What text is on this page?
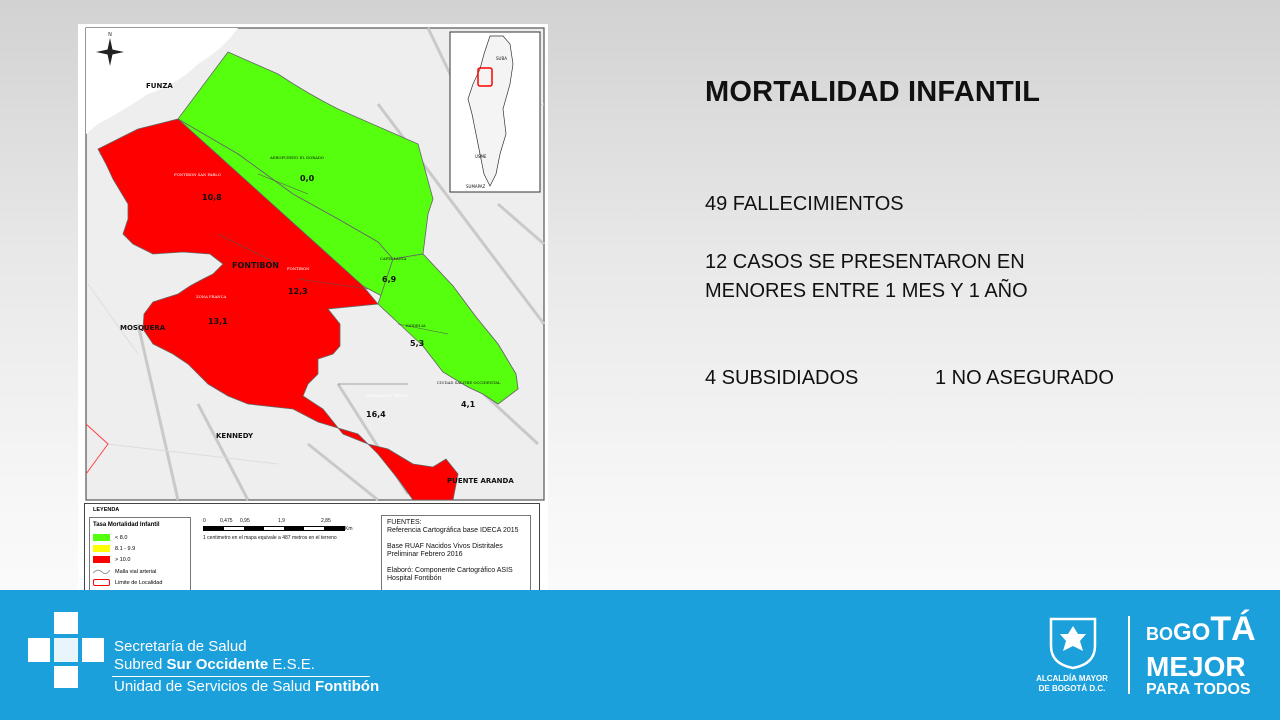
N
SUBA
USME
SUMAPAZ
FUNZA
MOSQUERA
KENNEDY
PUENTE ARANDA
FONTIBON
AEROPUERTO EL DORADO
FONTIBON SAN PABLO
FONTIBON
ZONA FRANCA
CAPELLANIA
MODELIA
CIUDAD SALITRE OCCIDENTAL
GRANJAS DE TECHO
0,0
10,8
12,3
13,1
6,9
5,3
4,1
16,4
LEYENDA
Tasa Mortalidad Infantil
< 8.0
8.1 - 9.9
> 10.0
Malla vial arterial
Limite de Localidad
0	0,475 0,95	1,9	2,85
Km
1 centimetro en el mapa equivale a 487 metros en el terreno
FUENTES:
Referencia Cartográfica base IDECA 2015
Base RUAF Nacidos Vivos Distritales Preliminar Febrero 2016
Elaboró: Componente Cartográfico ASIS Hospital Fontibón
MORTALIDAD INFANTIL
49 FALLECIMIENTOS
12 CASOS SE PRESENTARON EN
MENORES ENTRE 1 MES Y 1 AÑO
4 SUBSIDIADOS	1 NO ASEGURADO
Secretaría de Salud
Subred Sur Occidente E.S.E.
Unidad de Servicios de Salud Fontibón	ALCALDÍA MAYOR
DE BOGOTÁ D.C.
BOGOTÁ
MEJOR
PARA TODOS
